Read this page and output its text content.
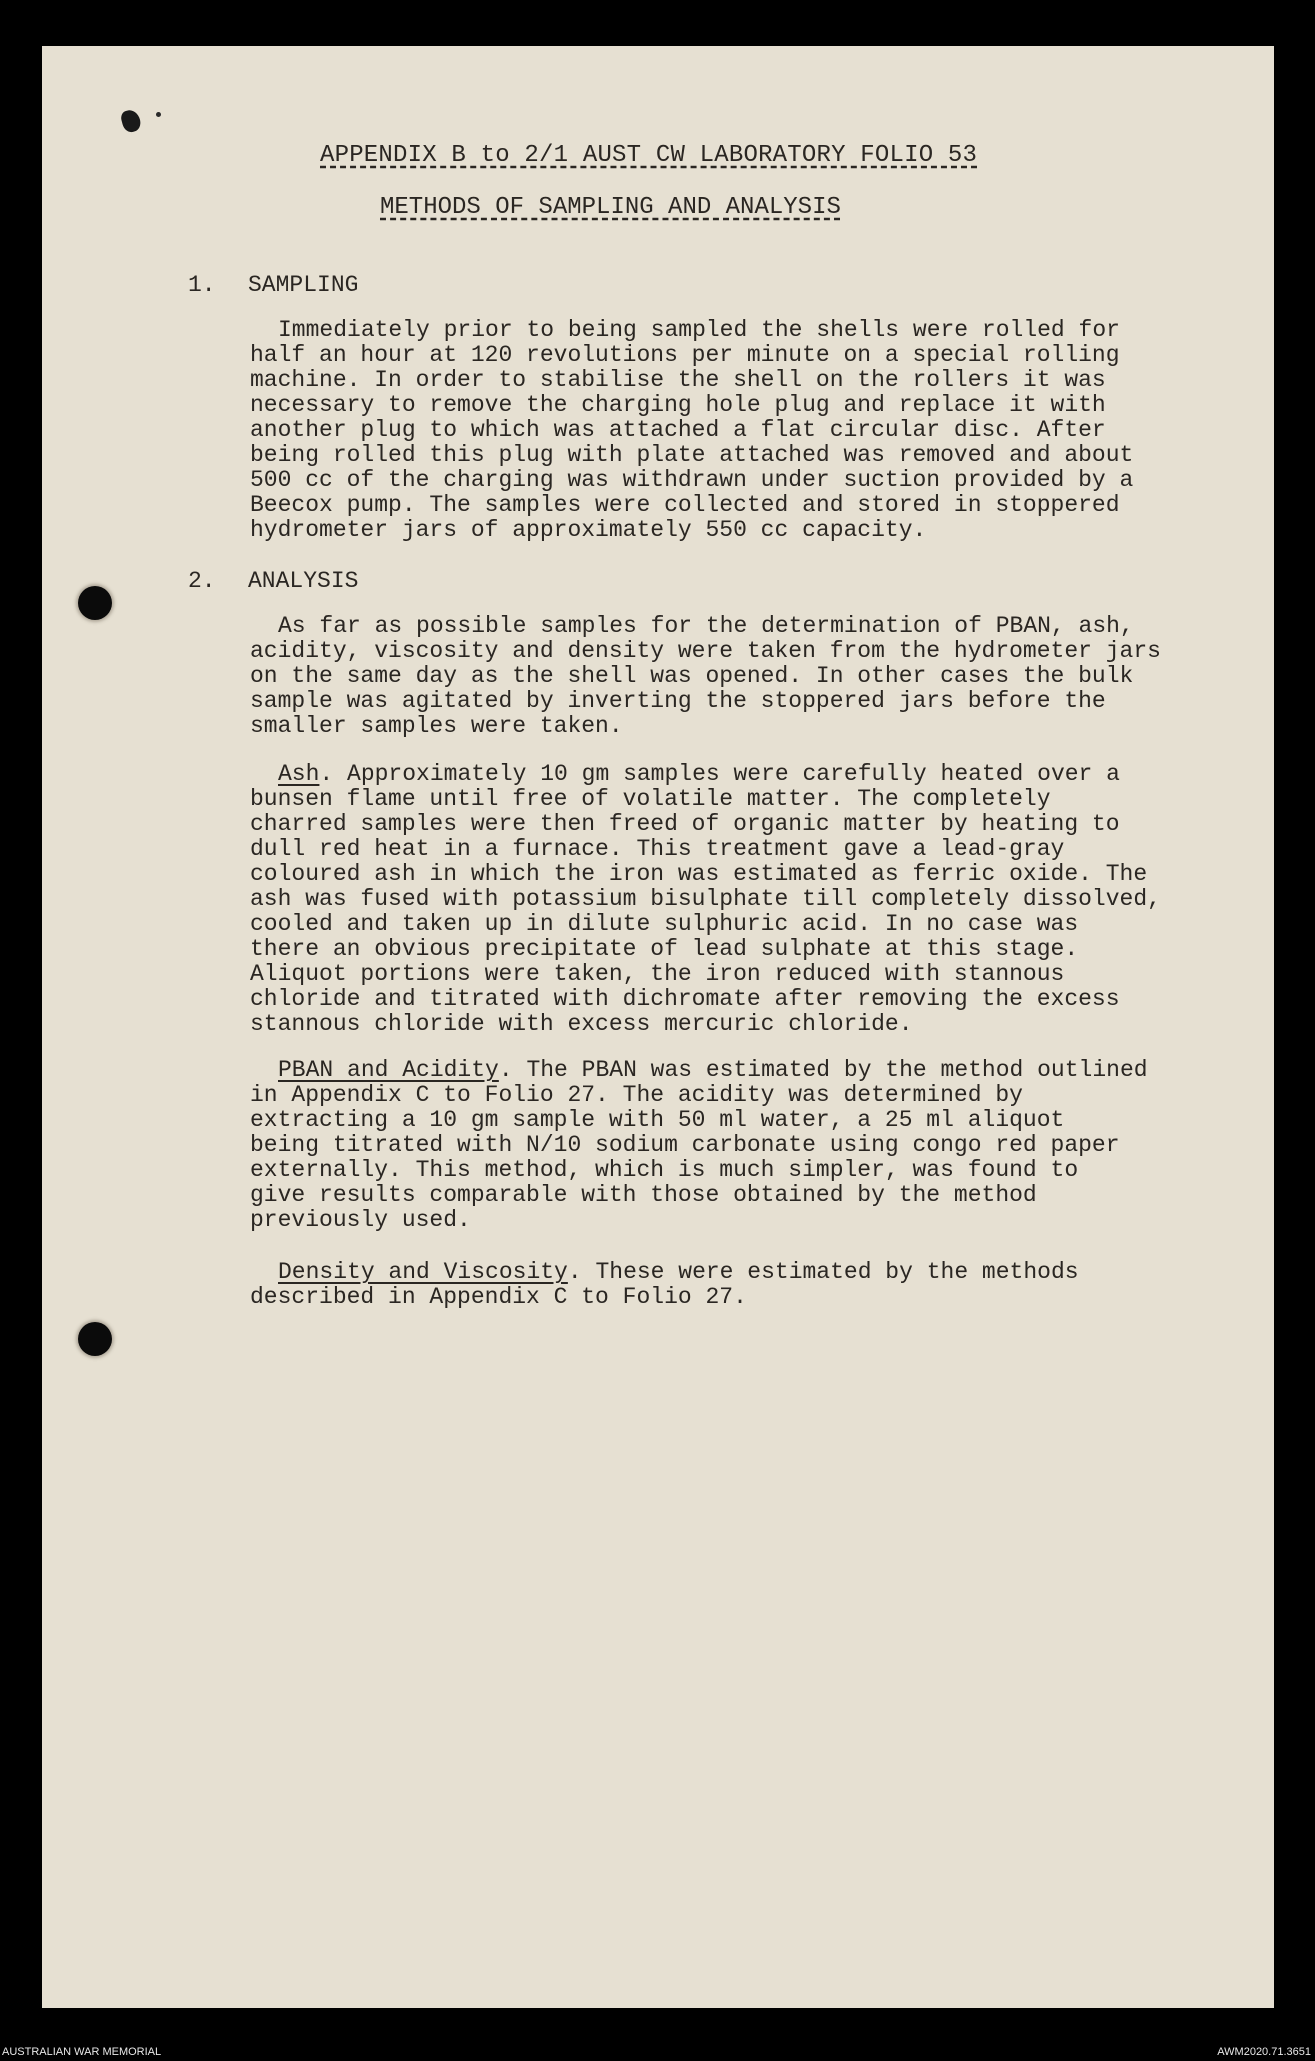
APPENDIX B to 2/1 AUST CW LABORATORY FOLIO 53
METHODS OF SAMPLING AND ANALYSIS
1. SAMPLING
Immediately prior to being sampled the shells were rolled for
half an hour at 120 revolutions per minute on a special rolling
machine. In order to stabilise the shell on the rollers it was
necessary to remove the charging hole plug and replace it with
another plug to which was attached a flat circular disc. After
being rolled this plug with plate attached was removed and about
500 cc of the charging was withdrawn under suction provided by a
Beecox pump. The samples were collected and stored in stoppered
hydrometer jars of approximately 550 cc capacity.
2. ANALYSIS
As far as possible samples for the determination of PBAN, ash,
acidity, viscosity and density were taken from the hydrometer jars
on the same day as the shell was opened. In other cases the bulk
sample was agitated by inverting the stoppered jars before the
smaller samples were taken.
Ash. Approximately 10 gm samples were carefully heated over a
bunsen flame until free of volatile matter. The completely
charred samples were then freed of organic matter by heating to
dull red heat in a furnace. This treatment gave a lead-gray
coloured ash in which the iron was estimated as ferric oxide. The
ash was fused with potassium bisulphate till completely dissolved,
cooled and taken up in dilute sulphuric acid. In no case was
there an obvious precipitate of lead sulphate at this stage.
Aliquot portions were taken, the iron reduced with stannous
chloride and titrated with dichromate after removing the excess
stannous chloride with excess mercuric chloride.
PBAN and Acidity. The PBAN was estimated by the method outlined
in Appendix C to Folio 27. The acidity was determined by
extracting a 10 gm sample with 50 ml water, a 25 ml aliquot
being titrated with N/10 sodium carbonate using congo red paper
externally. This method, which is much simpler, was found to
give results comparable with those obtained by the method
previously used.
Density and Viscosity. These were estimated by the methods
described in Appendix C to Folio 27.
AUSTRALIAN WAR MEMORIAL	AWM2020.71.3651
